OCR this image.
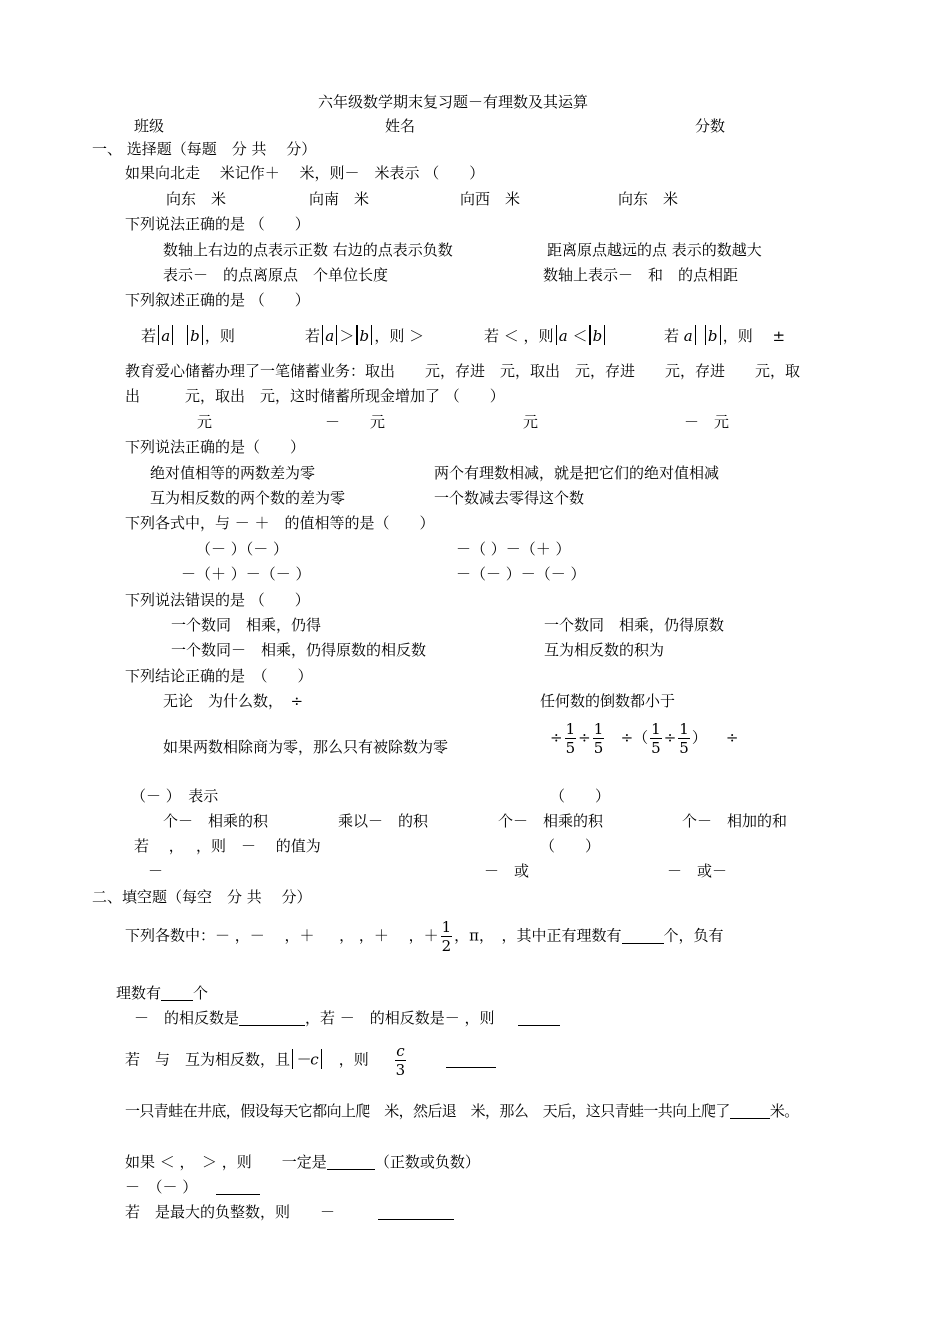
六年级数学期末复习题－有理数及其运算
班级	姓名	分数
一、 选择题（每题　分 共　 分）
如果向北走　 米记作＋　 米，则－　米表示 （　　）
向东　米	向南　米	向西　米	向东　米
下列说法正确的是 （　　）
数轴上右边的点表示正数 右边的点表示负数	距离原点越远的点 表示的数越大
表示－　的点离原点　个单位长度	数轴上表示－　和　的点相距
下列叙述正确的是 （　　）
若 a b ，则	若 a ＞ b ，则 ＞	若 ＜ ，则 a ＜ b	若 a b ，则　 ±
教育爱心储蓄办理了一笔储蓄业务：取出　　元，存进　元，取出　元，存进　　元，存进　　元，取
出　　　元，取出　元，这时储蓄所现金增加了 （　　）
元	－　　元	元	－　元
下列说法正确的是（　　）
绝对值相等的两数差为零	两个有理数相减，就是把它们的绝对值相减
互为相反数的两个数的差为零	一个数减去零得这个数
下列各式中，与 － ＋　的值相等的是（　　）
（－ ）（－ ）	－（ ）－（＋ ）
－（＋ ）－（－ ）	－（－ ）－（－ ）
下列说法错误的是 （　　）
一个数同　相乘，仍得	一个数同　相乘，仍得原数
一个数同－　相乘，仍得原数的相反数	互为相反数的积为
下列结论正确的是　（　　）
无论　为什么数，　÷	任何数的倒数都小于
如果两数相除商为零，那么只有被除数为零
÷ $\frac{1}{5} \div \frac{1}{5}$ ÷（ $\frac{1}{5} \div \frac{1}{5}$ ） ÷
（－ ）　表示	（　　）
个－　相乘的积	乘以－　的积	个－　相乘的积	个－　相加的和
若　 ，　 ，则　－　 的值为	（　　）
－	－　或	－　或－
二、填空题（每空　分 共　 分）
下列各数中：－ ，－ 　，＋ 　 ， ，＋ 　，＋ $\frac{1}{2}$ ，π，　，其中正有理数有	个，负有
理数有 个
－　的相反数是	，若 －　的相反数是－ ，则
若　与　互为相反数，且 －c　，则 $\frac{c}{3}$

一只青蛙在井底，假设每天它都向上爬　米，然后退　米，那么　天后，这只青蛙一共向上爬了	米。
如果 ＜ ，　＞ ，则　　一定是	（正数或负数）
－　（－ ）
若　是最大的负整数，则　　－
